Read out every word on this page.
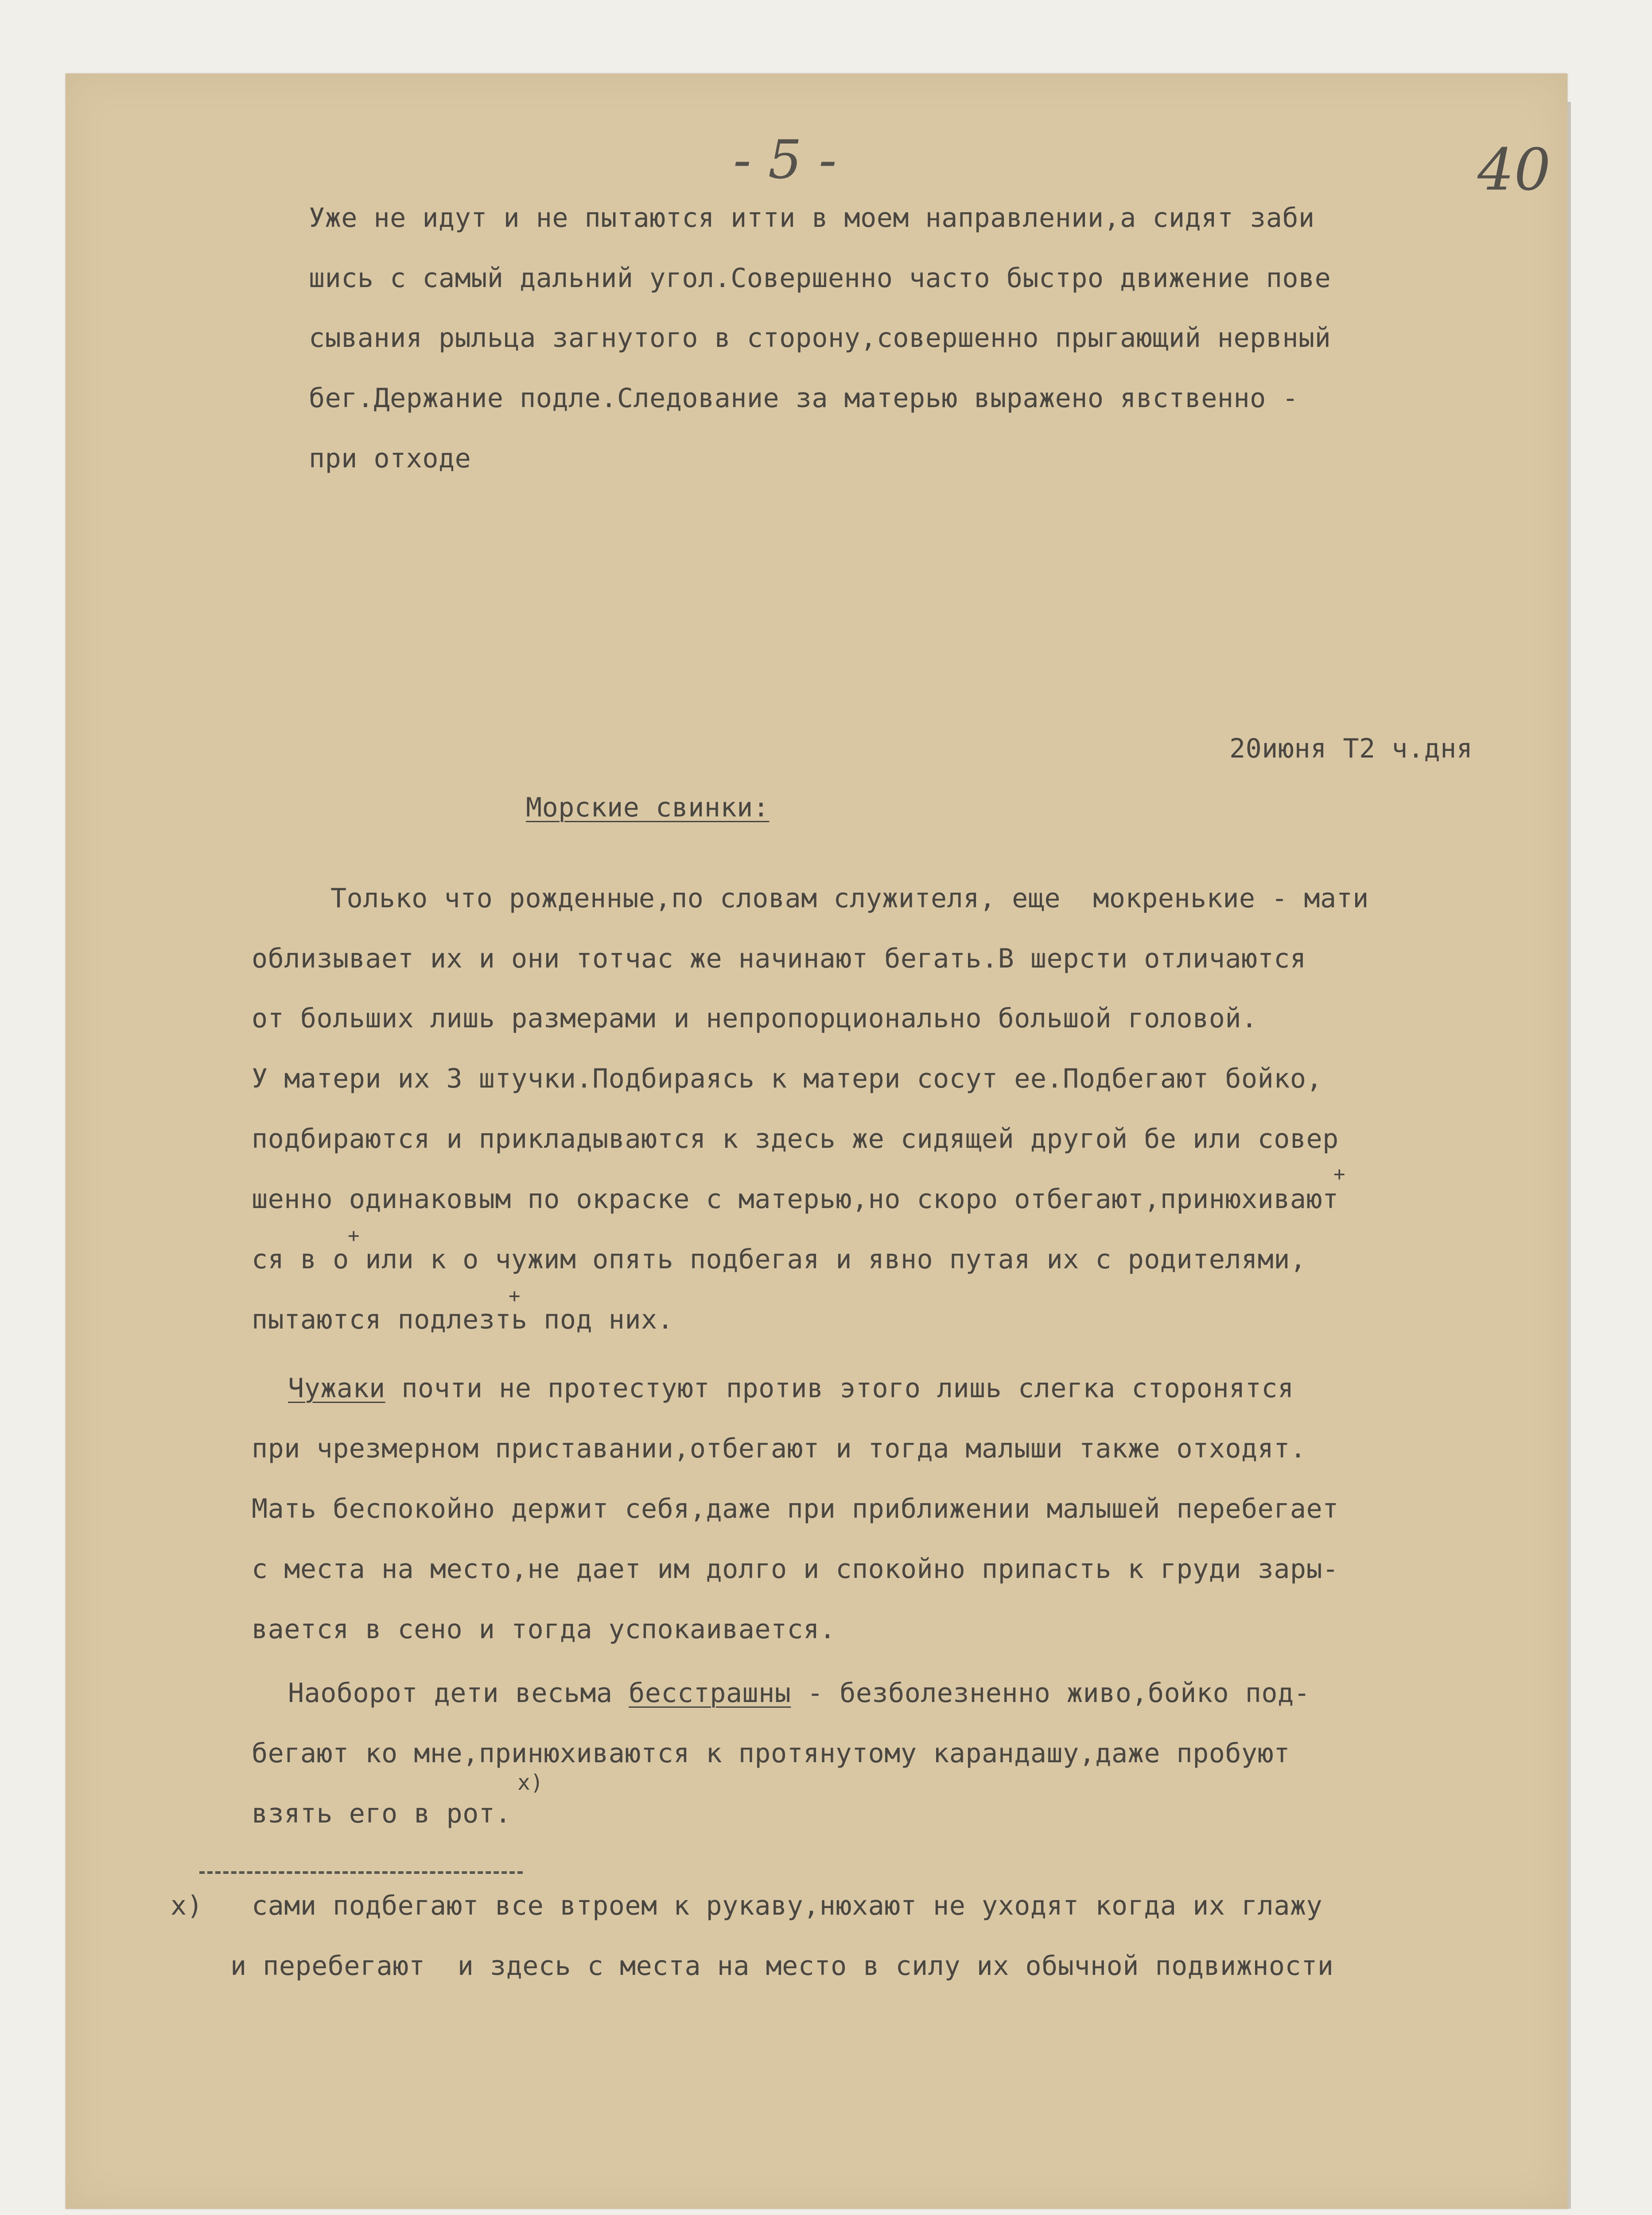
- 5 -	40
Уже не идут и не пытаются итти в моем направлении,а сидят заби
шись с самый дальний угол.Совершенно часто быстро движение пове
сывания рыльца загнутого в сторону,совершенно прыгающий нервный
бег.Держание подле.Следование за матерью выражено явственно -
при отходе
20июня Т2 ч.дня
Морские свинки:
Только что рожденные,по словам служителя, еще  мокренькие - мати
облизывает их и они тотчас же начинают бегать.В шерсти отличаются
от больших лишь размерами и непропорционально большой головой.
У матери их 3 штучки.Подбираясь к матери сосут ее.Подбегают бойко,
подбираются и прикладываются к здесь же сидящей другой бе или совер
шенно одинаковым по окраске с матерью,но скоро отбегают,принюхивают
ся в о или к о чужим опять подбегая и явно путая их с родителями,
пытаются подлезть под них.
+
+
+
Чужаки почти не протестуют против этого лишь слегка сторонятся
при чрезмерном приставании,отбегают и тогда малыши также отходят.
Мать беспокойно держит себя,даже при приближении малышей перебегает
с места на место,не дает им долго и спокойно припасть к груди зары-
вается в сено и тогда успокаивается.
Наоборот дети весьма бесстрашны - безболезненно живо,бойко под-
бегают ко мне,принюхиваются к протянутому карандашу,даже пробуют
взять его в рот.
x)
х) сами подбегают все втроем к рукаву,нюхают не уходят когда их глажу
и перебегают  и здесь с места на место в силу их обычной подвижности
